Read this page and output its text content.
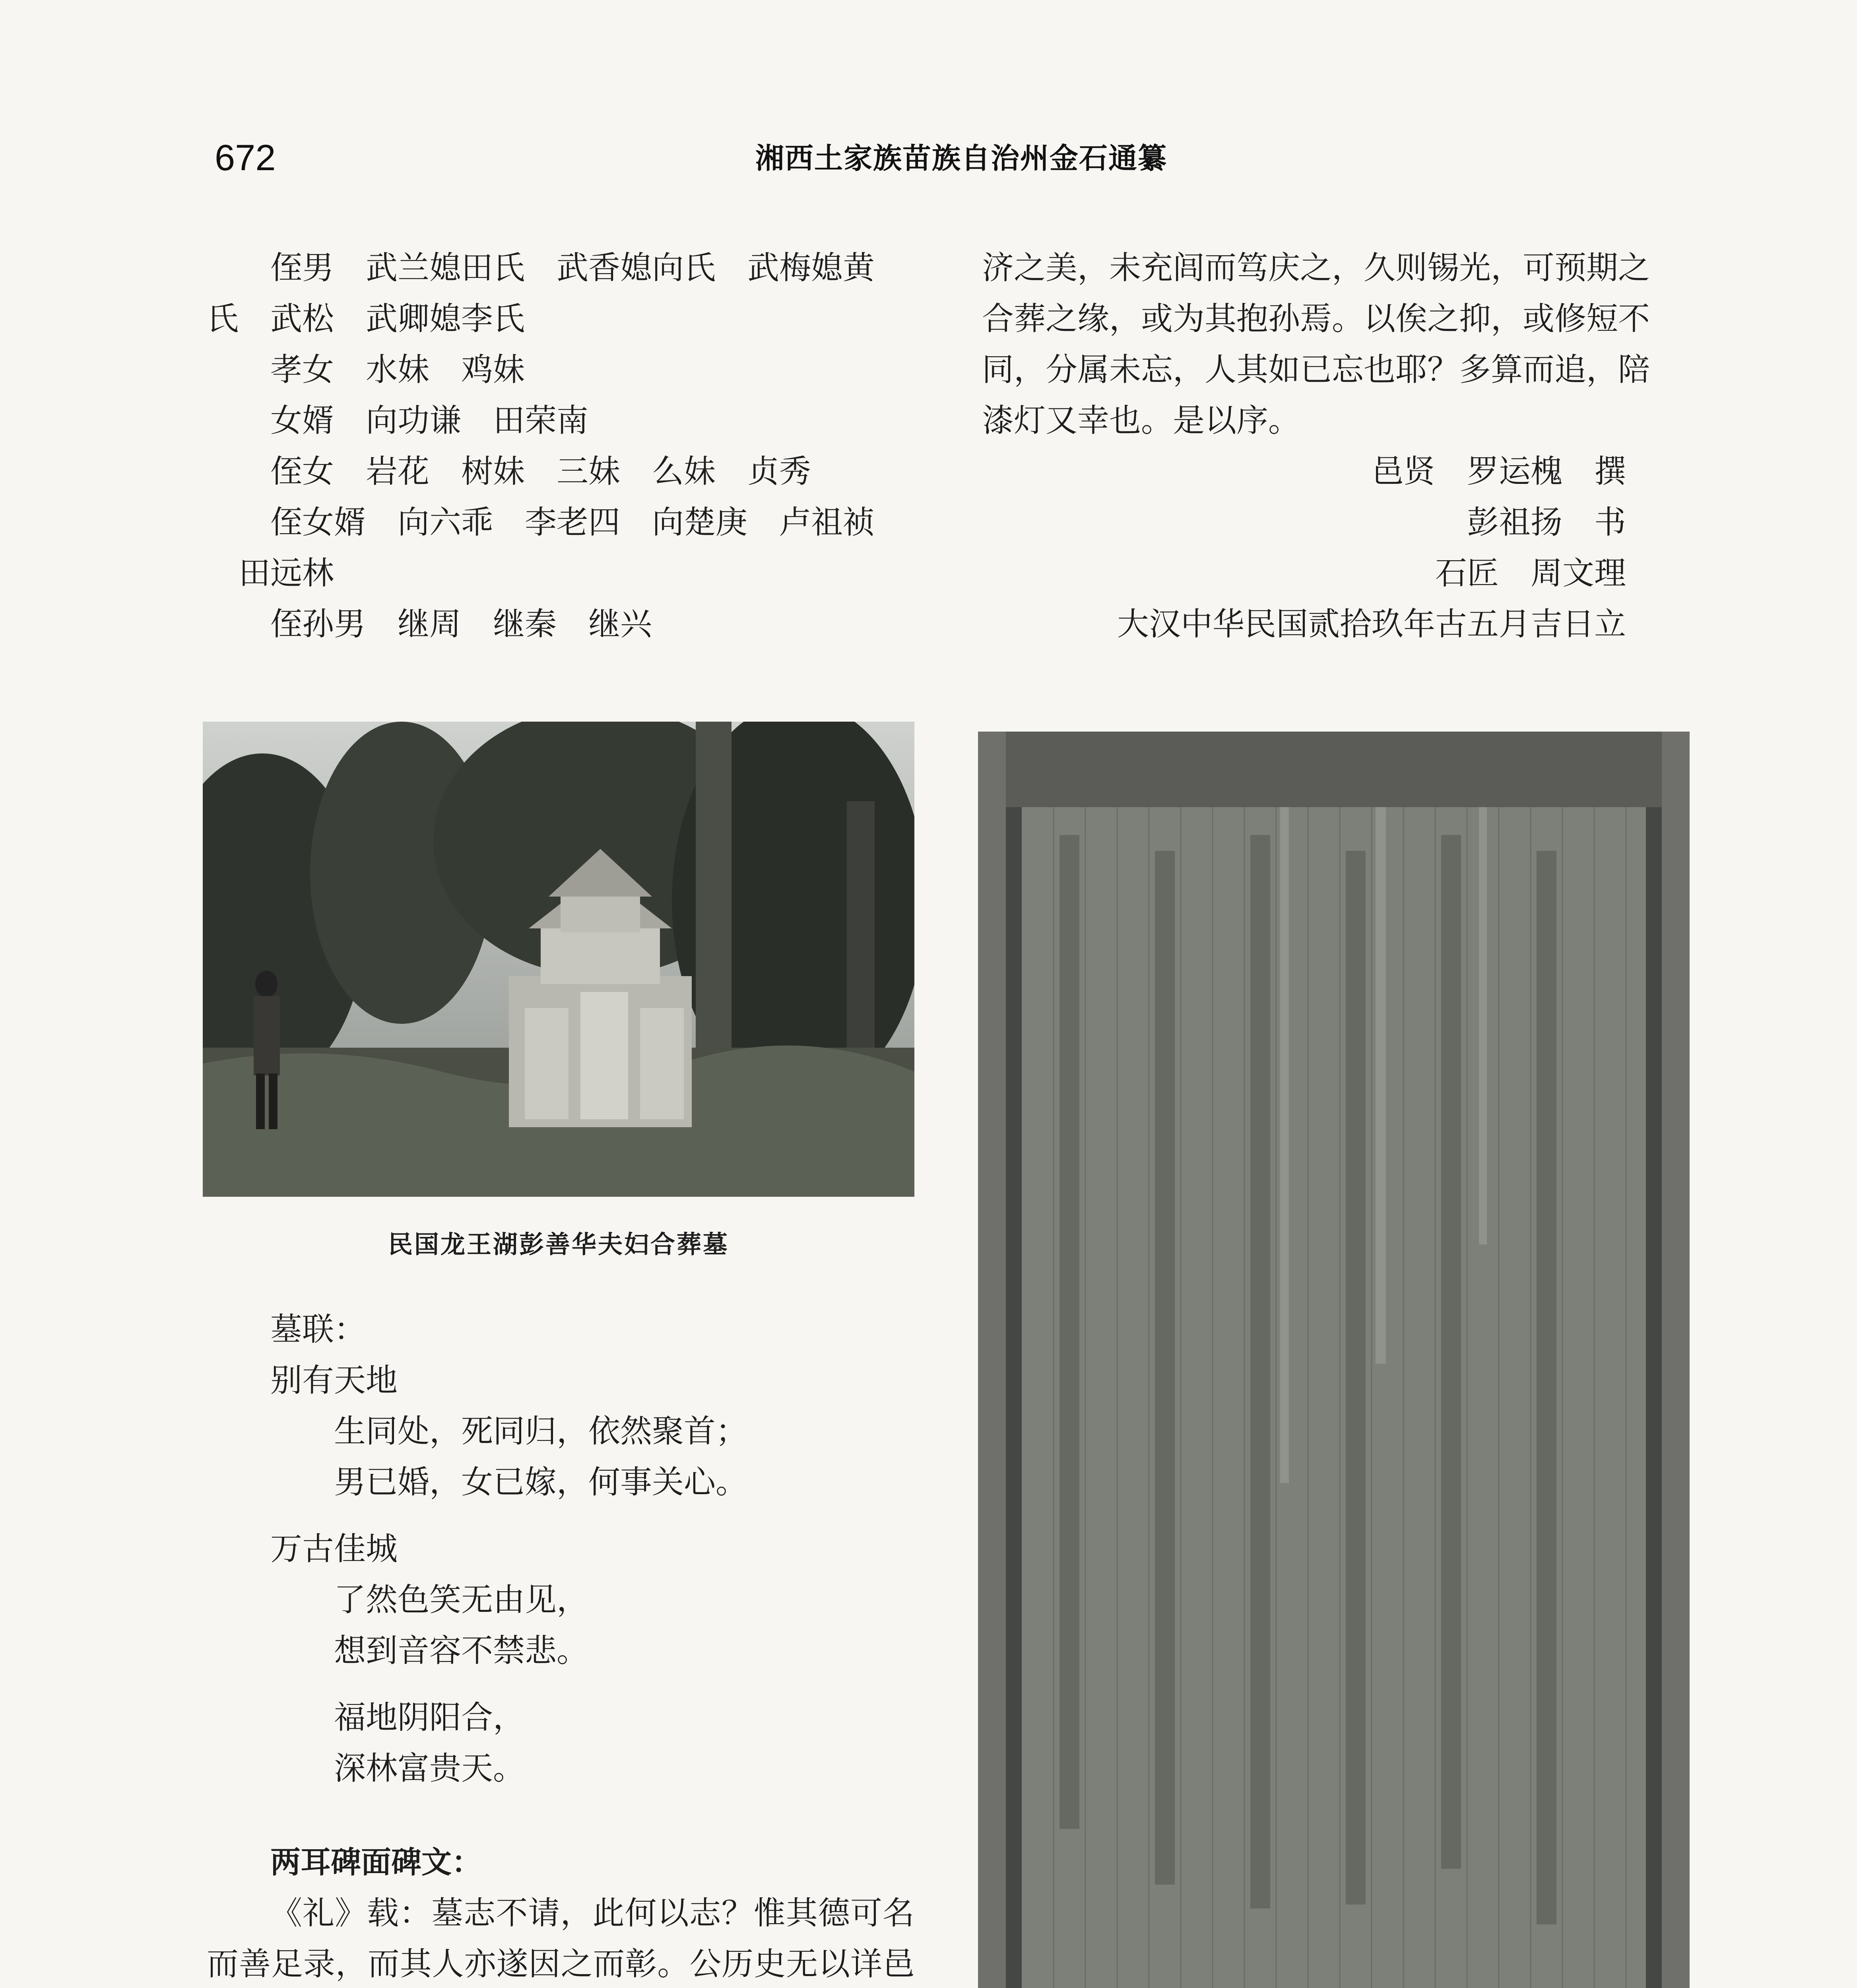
672	湘西土家族苗族自治州金石通纂

侄男　武兰媳田氏　武香媳向氏　武梅媳黄

氏　武松　武卿媳李氏

孝女　水妹　鸡妹

女婿　向功谦　田荣南

侄女　岩花　树妹　三妹　么妹　贞秀

侄女婿　向六乖　李老四　向楚庚　卢祖祯

田远林

侄孙男　继周　继秦　继兴

济之美，未充闾而笃庆之，久则锡光，可预期之

合葬之缘，或为其抱孙焉。以俟之抑，或修短不

同，分属未忘，人其如已忘也耶？多算而追，陪

漆灯又幸也。是以序。

邑贤　罗运槐　撰

彭祖扬　书

石匠　周文理

大汉中华民国贰拾玖年古五月吉日立

民国龙王湖彭善华夫妇合葬墓

墓联：

别有天地

生同处，死同归，依然聚首；

男已婚，女已嫁，何事关心。

万古佳城

了然色笑无由见，

想到音容不禁悲。

福地阴阳合，

深林富贵天。

两耳碑面碑文：

《礼》载：墓志不请，此何以志？惟其德可名而善足录，而其人亦遂因之而彰。公历史无以详邑
